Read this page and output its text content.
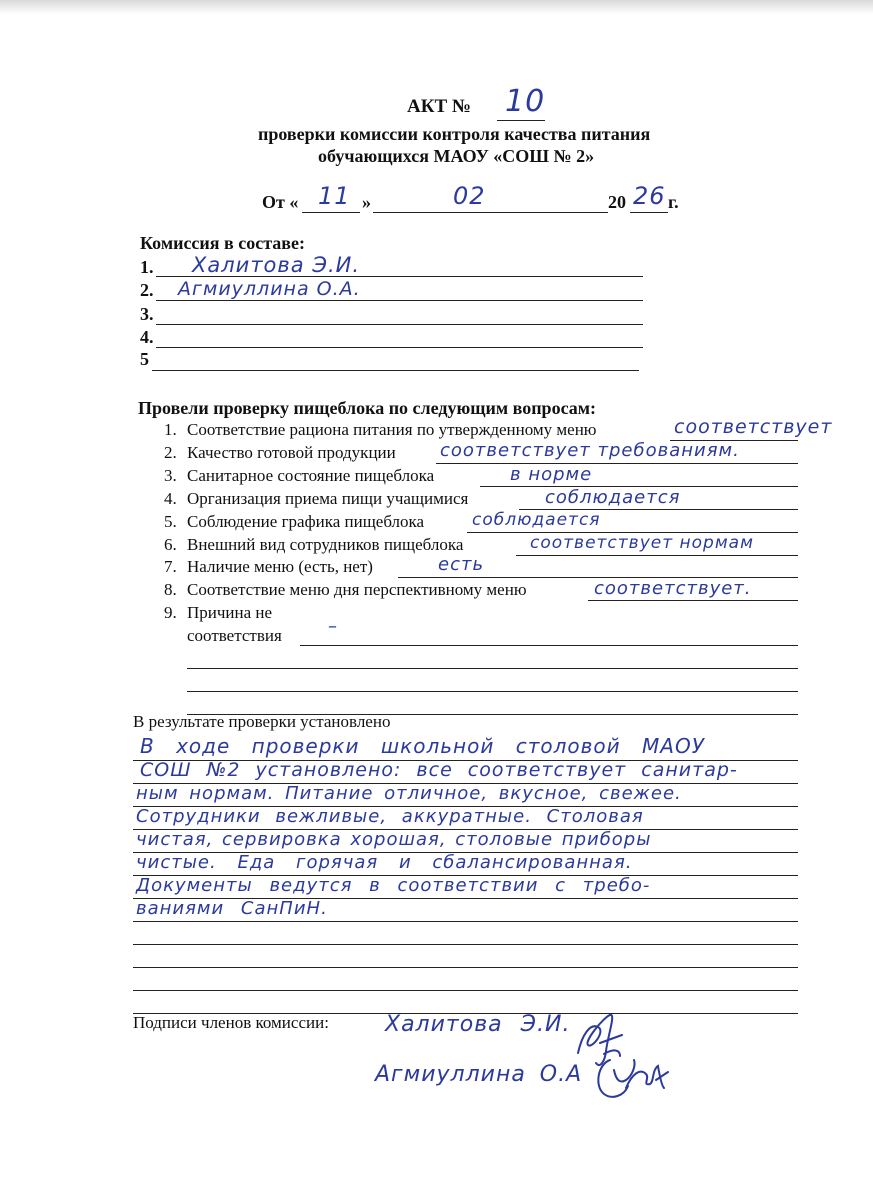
АКТ № 10
проверки комиссии контроля качества питания
обучающихся МАОУ «СОШ № 2»
От « 11 »	02	20 26 г.
Комиссия в составе:
1. Халитова Э.И.
2. Агмиуллина О.А.
3.
4.
5
Провели проверку пищеблока по следующим вопросам:
1. Соответствие рациона питания по утвержденному меню	соответствует
2. Качество готовой продукции соответствует требованиям.
3. Санитарное состояние пищеблока	в норме
4. Организация приема пищи учащимися	соблюдается
5. Соблюдение графика пищеблока	соблюдается
6. Внешний вид сотрудников пищеблока	соответствует нормам
7. Наличие меню (есть, нет)	есть
8. Соответствие меню дня перспективному меню	соответствует.
9. Причина не
соответствия	–
В результате проверки установлено
В ходе проверки школьной столовой МАОУ
СОШ №2 установлено: все соответствует санитар-
ным нормам. Питание отличное, вкусное, свежее.
Сотрудники вежливые, аккуратные. Столовая
чистая, сервировка хорошая, столовые приборы
чистые. Еда горячая и сбалансированная.
Документы ведутся в соответствии с требо-
ваниями СанПиН.
Подписи членов комиссии:	Халитова Э.И.
Агмиуллина О.А
